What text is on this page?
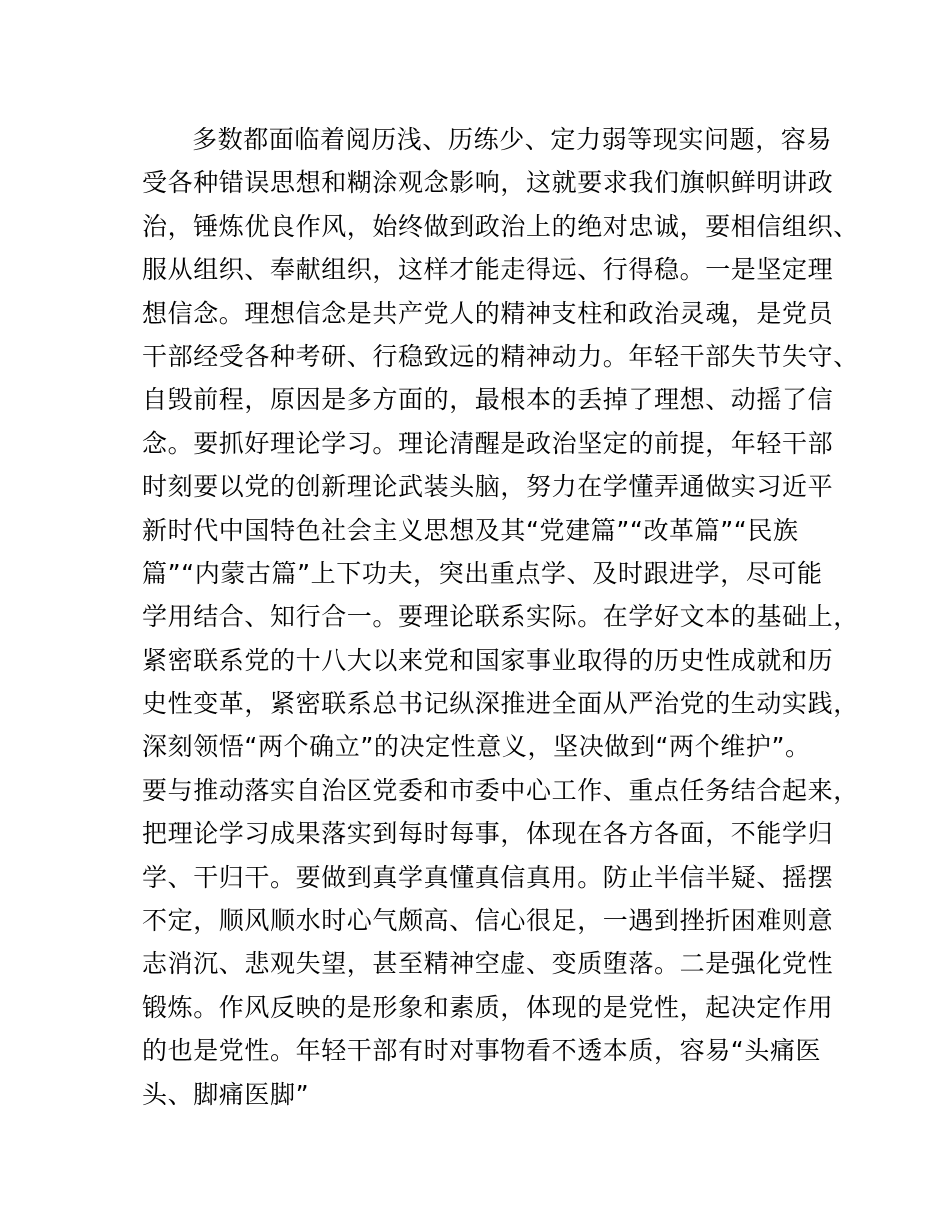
多数都面临着阅历浅、历练少、定力弱等现实问题，容易
受各种错误思想和糊涂观念影响，这就要求我们旗帜鲜明讲政
治，锤炼优良作风，始终做到政治上的绝对忠诚，要相信组织、
服从组织、奉献组织，这样才能走得远、行得稳。一是坚定理
想信念。理想信念是共产党人的精神支柱和政治灵魂，是党员
干部经受各种考研、行稳致远的精神动力。年轻干部失节失守、
自毁前程，原因是多方面的，最根本的丢掉了理想、动摇了信
念。要抓好理论学习。理论清醒是政治坚定的前提，年轻干部
时刻要以党的创新理论武装头脑，努力在学懂弄通做实习近平
新时代中国特色社会主义思想及其“党建篇”“改革篇”“民族
篇”“内蒙古篇”上下功夫，突出重点学、及时跟进学，尽可能
学用结合、知行合一。要理论联系实际。在学好文本的基础上，
紧密联系党的十八大以来党和国家事业取得的历史性成就和历
史性变革，紧密联系总书记纵深推进全面从严治党的生动实践，
深刻领悟“两个确立”的决定性意义，坚决做到“两个维护”。
要与推动落实自治区党委和市委中心工作、重点任务结合起来，
把理论学习成果落实到每时每事，体现在各方各面，不能学归
学、干归干。要做到真学真懂真信真用。防止半信半疑、摇摆
不定，顺风顺水时心气颇高、信心很足，一遇到挫折困难则意
志消沉、悲观失望，甚至精神空虚、变质堕落。二是强化党性
锻炼。作风反映的是形象和素质，体现的是党性，起决定作用
的也是党性。年轻干部有时对事物看不透本质，容易“头痛医
头、脚痛医脚”
